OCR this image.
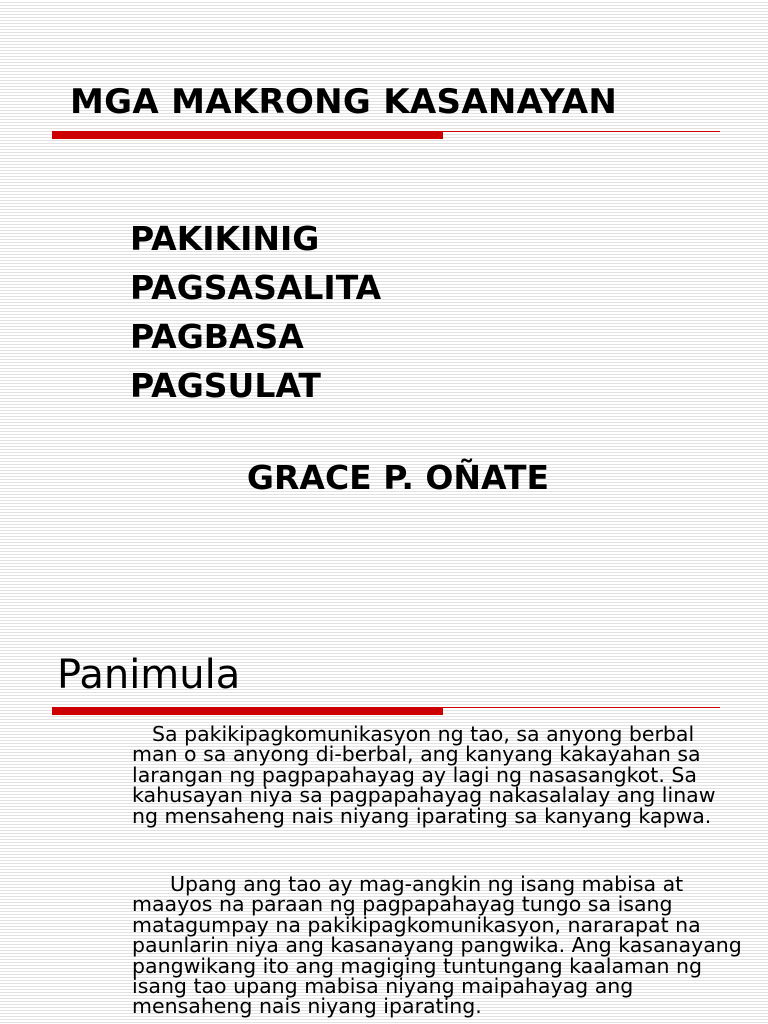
MGA MAKRONG KASANAYAN
PAKIKINIG
PAGSASALITA
PAGBASA
PAGSULAT
GRACE P. OÑATE
Panimula

Sa pakikipagkomunikasyon ng tao, sa anyong berbal man o sa anyong di-berbal, ang kanyang kakayahan sa larangan ng pagpapahayag ay lagi ng nasasangkot. Sa kahusayan niya sa pagpapahayag nakasalalay ang linaw ng mensaheng nais niyang iparating sa kanyang kapwa.

Upang ang tao ay mag-angkin ng isang mabisa at maayos na paraan ng pagpapahayag tungo sa isang matagumpay na pakikipagkomunikasyon, nararapat na paunlarin niya ang kasanayang pangwika. Ang kasanayang pangwikang ito ang magiging tuntungang kaalaman ng isang tao upang mabisa niyang maipahayag ang mensaheng nais niyang iparating.
